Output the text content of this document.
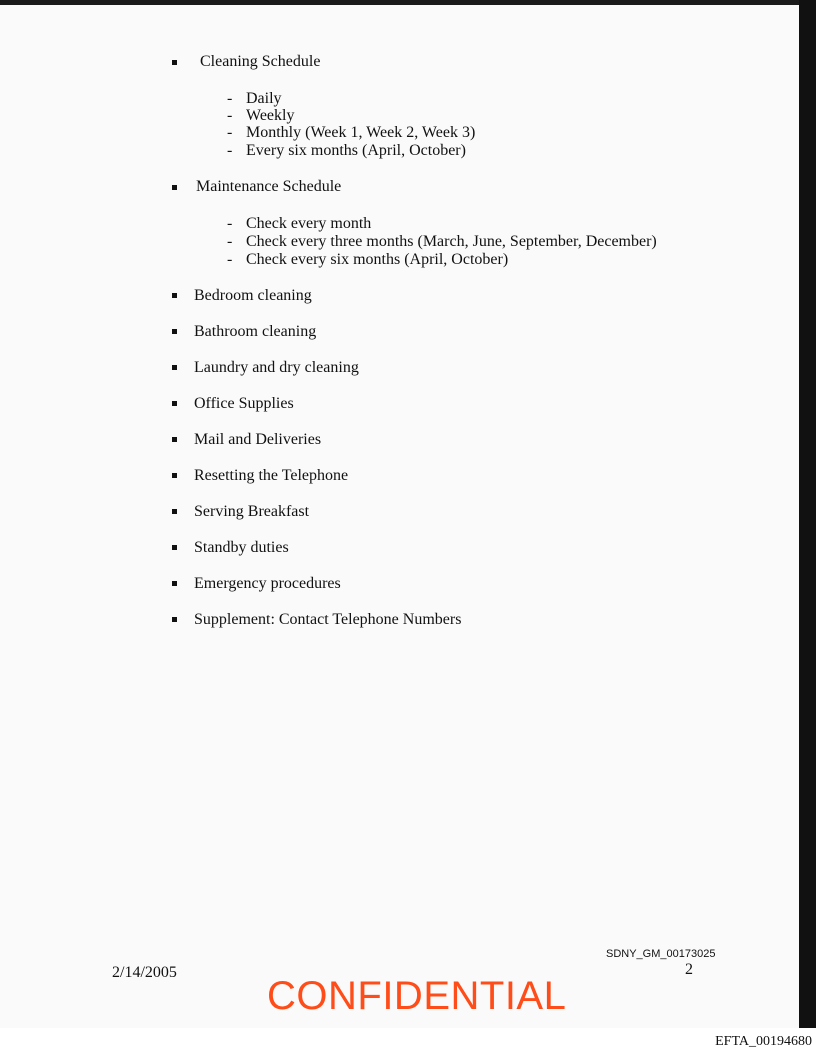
Cleaning Schedule
- Daily
- Weekly
- Monthly (Week 1, Week 2, Week 3)
- Every six months (April, October)
Maintenance Schedule
- Check every month
- Check every three months (March, June, September, December)
- Check every six months (April, October)
Bedroom cleaning
Bathroom cleaning
Laundry and dry cleaning
Office Supplies
Mail and Deliveries
Resetting the Telephone
Serving Breakfast
Standby duties
Emergency procedures
Supplement: Contact Telephone Numbers
2/14/2005
SDNY_GM_00173025
2
CONFIDENTIAL
EFTA_00194680
